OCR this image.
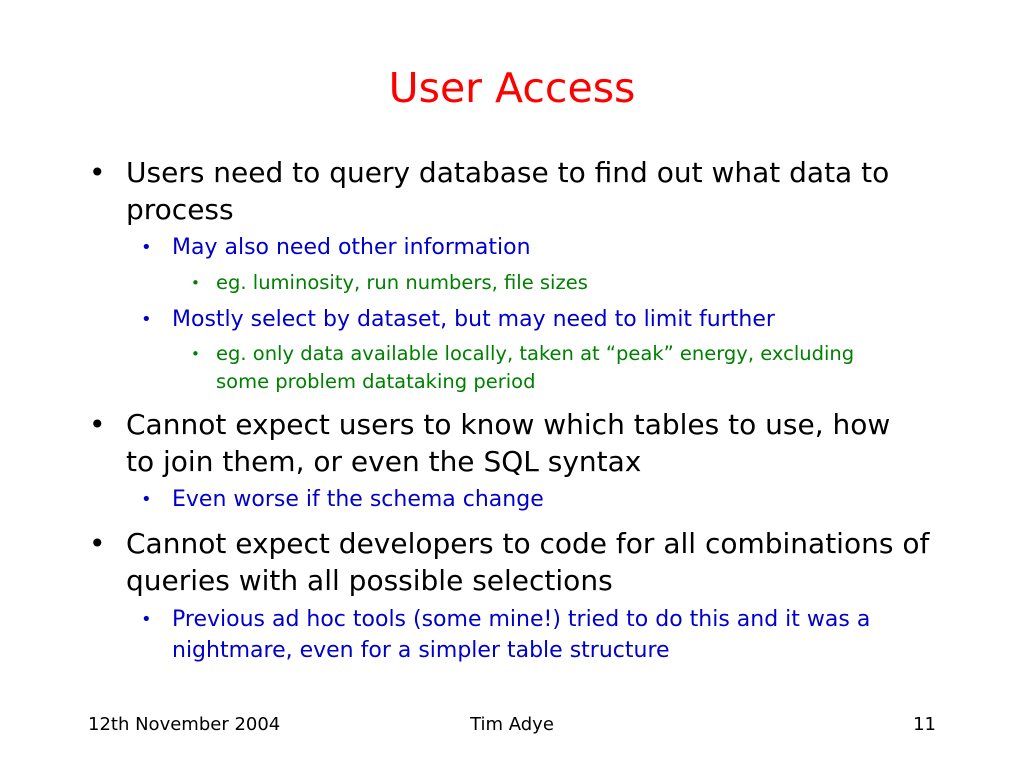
User Access
• Users need to query database to find out what data to process
• May also need other information
• eg. luminosity, run numbers, file sizes
• Mostly select by dataset, but may need to limit further
• eg. only data available locally, taken at “peak” energy, excluding some problem datataking period
• Cannot expect users to know which tables to use, how to join them, or even the SQL syntax
• Even worse if the schema change
• Cannot expect developers to code for all combinations of queries with all possible selections
• Previous ad hoc tools (some mine!) tried to do this and it was a nightmare, even for a simpler table structure
12th November 2004	Tim Adye	11
